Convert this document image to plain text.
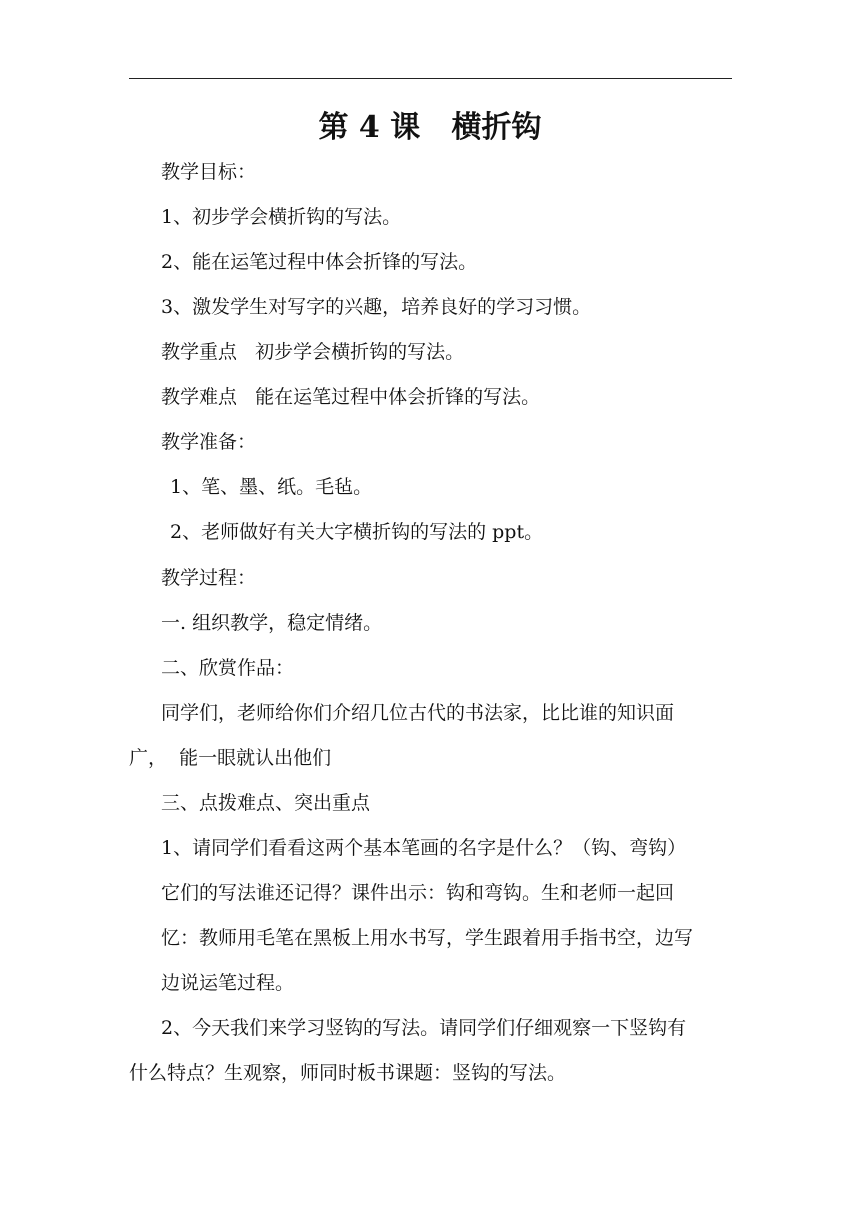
第 4 课   横折钩
教学目标：
1、初步学会横折钩的写法。
2、能在运笔过程中体会折锋的写法。
3、激发学生对写字的兴趣，培养良好的学习习惯。
教学重点   初步学会横折钩的写法。
教学难点   能在运笔过程中体会折锋的写法。
教学准备：
1、笔、墨、纸。毛毡。
2、老师做好有关大字横折钩的写法的 ppt。
教学过程：
一. 组织教学，稳定情绪。
二、欣赏作品：
同学们，老师给你们介绍几位古代的书法家，比比谁的知识面
广，  能一眼就认出他们
三、点拨难点、突出重点
1、请同学们看看这两个基本笔画的名字是什么？（钩、弯钩）
它们的写法谁还记得？课件出示：钩和弯钩。生和老师一起回
忆：教师用毛笔在黑板上用水书写，学生跟着用手指书空，边写
边说运笔过程。
2、今天我们来学习竖钩的写法。请同学们仔细观察一下竖钩有
什么特点？生观察，师同时板书课题：竖钩的写法。
